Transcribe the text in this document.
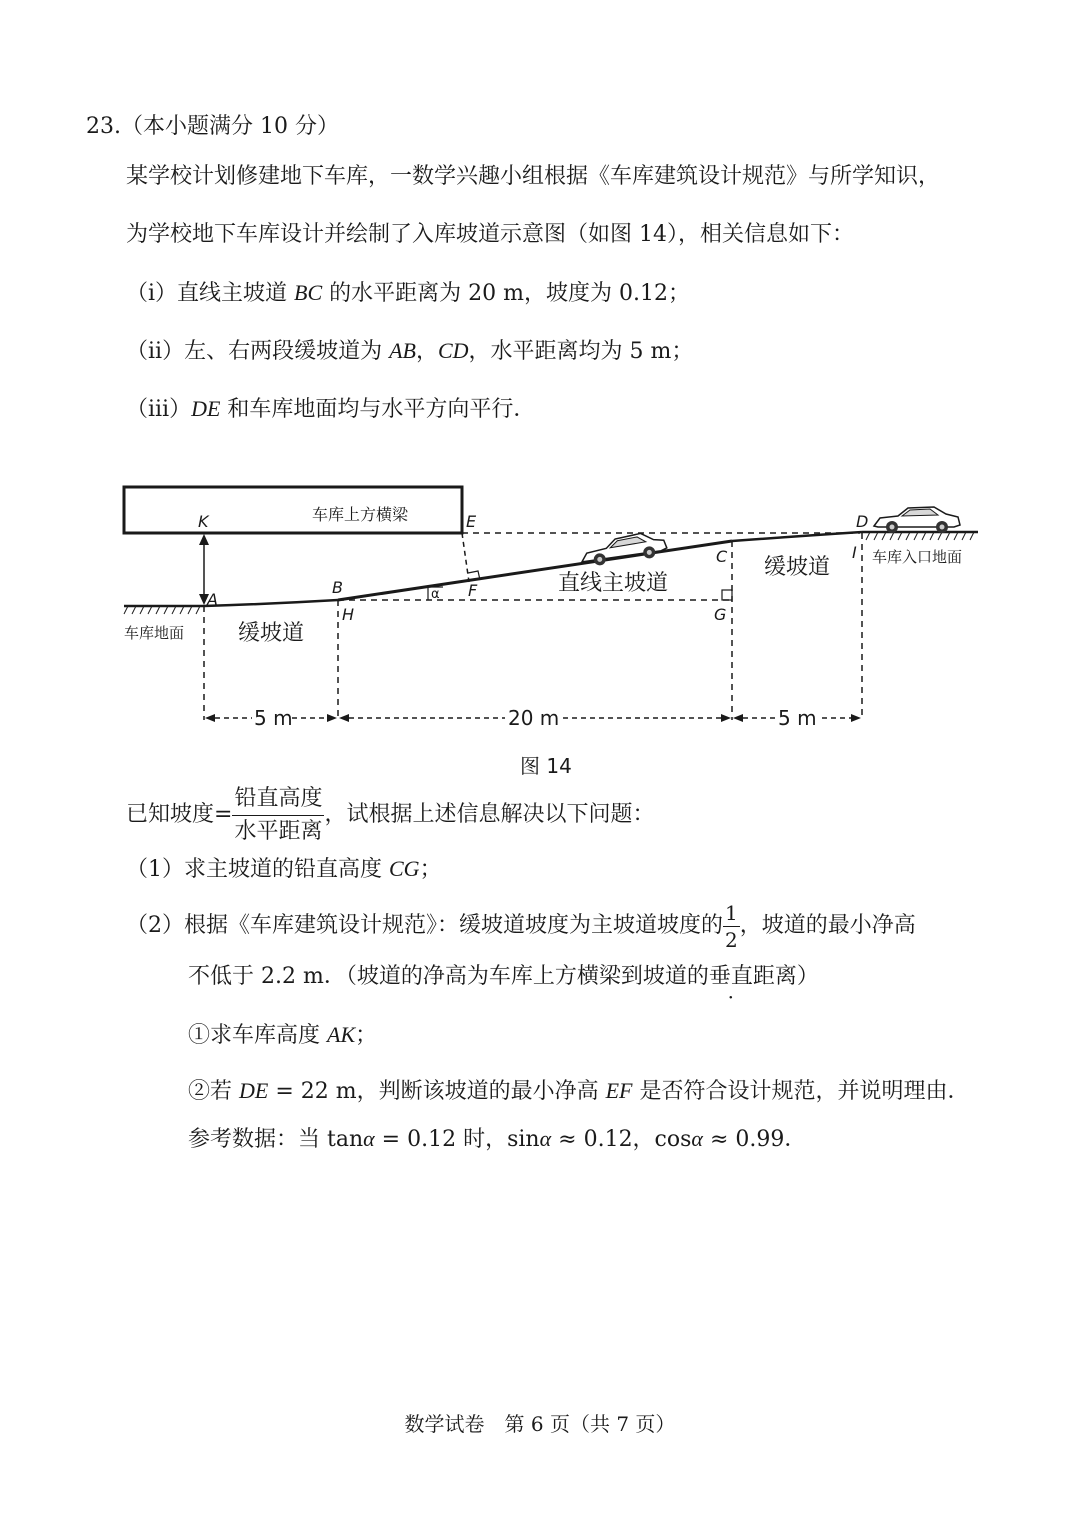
23.（本小题满分 10 分）
某学校计划修建地下车库，一数学兴趣小组根据《车库建筑设计规范》与所学知识，
为学校地下车库设计并绘制了入库坡道示意图（如图 14），相关信息如下：
（ⅰ）直线主坡道 BC 的水平距离为 20 m，坡度为 0.12；
（ⅱ）左、右两段缓坡道为 AB，CD，水平距离均为 5 m；
（ⅲ）DE 和车库地面均与水平方向平行．
车库上方横梁
K	E	D
A
B
H
F
C
G
I
α	直线主坡道
缓坡道
缓坡道
车库地面
车库入口地面
5 m	20 m	5 m
图 14
已知坡度= $\frac{\text{铅直高度}}{\text{水平距离}}$ ，试根据上述信息解决以下问题：
（1）求主坡道的铅直高度 CG；
（2）根据《车库建筑设计规范》：缓坡道坡度为主坡道坡度的 $\frac{1}{2}$ ，坡道的最小净高
不低于 2.2 m．（坡道的净高为车库上方横梁到坡道的垂直距离）
①求车库高度 AK；
②若 DE = 22 m，判断该坡道的最小净高 EF 是否符合设计规范，并说明理由．
参考数据：当 tanα = 0.12 时，sinα ≈ 0.12，cosα ≈ 0.99．
数学试卷　第 6 页（共 7 页）
